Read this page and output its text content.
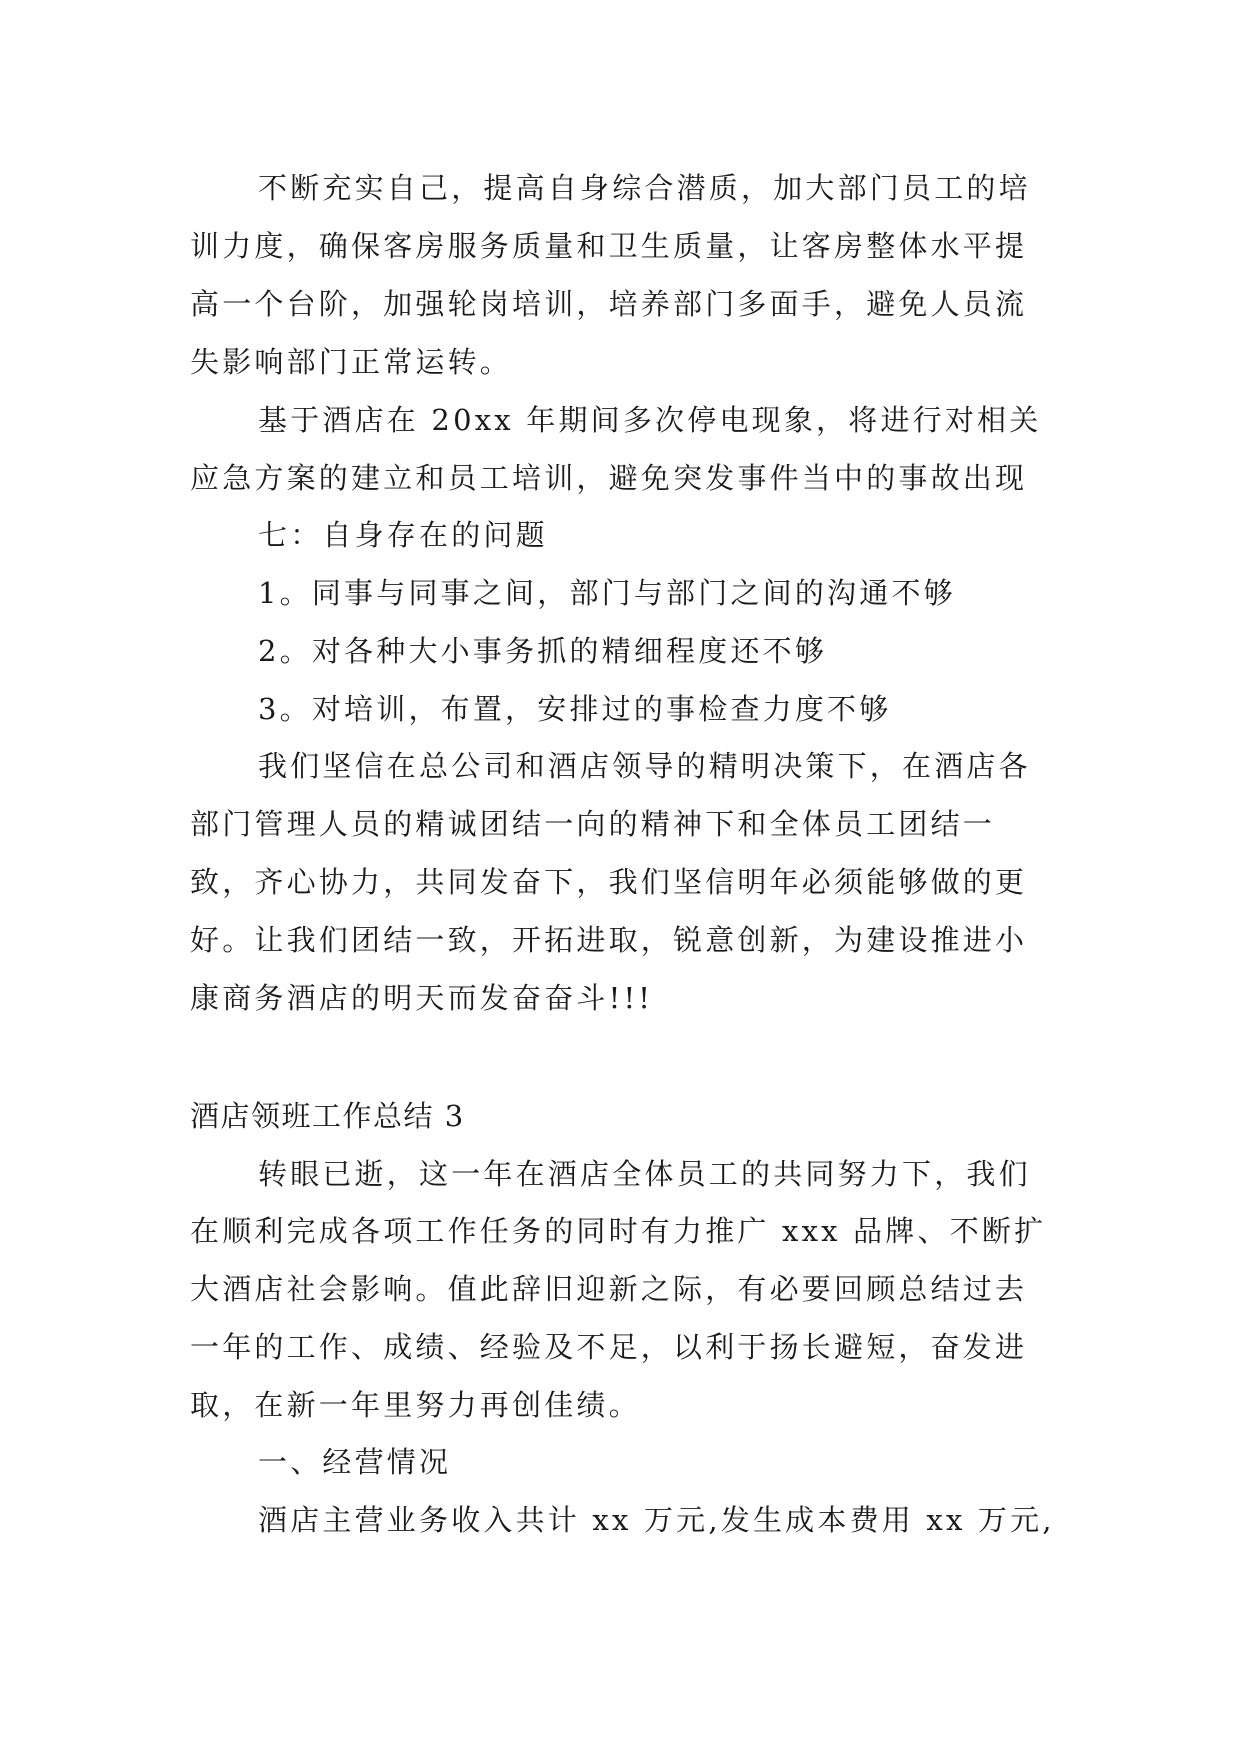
不断充实自己，提高自身综合潜质，加大部门员工的培
训力度，确保客房服务质量和卫生质量，让客房整体水平提
高一个台阶，加强轮岗培训，培养部门多面手，避免人员流
失影响部门正常运转。
基于酒店在 20xx 年期间多次停电现象，将进行对相关
应急方案的建立和员工培训，避免突发事件当中的事故出现
七：自身存在的问题
1。同事与同事之间，部门与部门之间的沟通不够
2。对各种大小事务抓的精细程度还不够
3。对培训，布置，安排过的事检查力度不够
我们坚信在总公司和酒店领导的精明决策下，在酒店各
部门管理人员的精诚团结一向的精神下和全体员工团结一
致，齐心协力，共同发奋下，我们坚信明年必须能够做的更
好。让我们团结一致，开拓进取，锐意创新，为建设推进小
康商务酒店的明天而发奋奋斗!!!
酒店领班工作总结 3
转眼已逝，这一年在酒店全体员工的共同努力下，我们
在顺利完成各项工作任务的同时有力推广 xxx 品牌、不断扩
大酒店社会影响。值此辞旧迎新之际，有必要回顾总结过去
一年的工作、成绩、经验及不足，以利于扬长避短，奋发进
取，在新一年里努力再创佳绩。
一、经营情况
酒店主营业务收入共计 xx 万元,发生成本费用 xx 万元,
